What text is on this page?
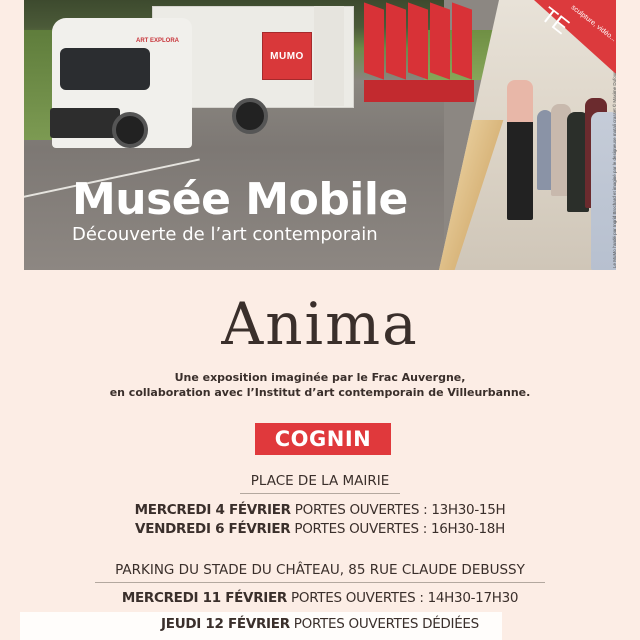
ART EXPLORA
MUMO
Musée Mobile
Découverte de l’art contemporain
TE
sculpture, vidéo...
Le MuMo l’andé par Ingrid Brochard et imaginé par le designeuse matali crasset © Maxime Dufour
Anima
Une exposition imaginée par le Frac Auvergne,
en collaboration avec l’Institut d’art contemporain de Villeurbanne.
COGNIN
PLACE DE LA MAIRIE
MERCREDI 4 FÉVRIER PORTES OUVERTES : 13H30-15H
VENDREDI 6 FÉVRIER PORTES OUVERTES : 16H30-18H
PARKING DU STADE DU CHÂTEAU, 85 RUE CLAUDE DEBUSSY
MERCREDI 11 FÉVRIER PORTES OUVERTES : 14H30-17H30
JEUDI 12 FÉVRIER PORTES OUVERTES DÉDIÉES
